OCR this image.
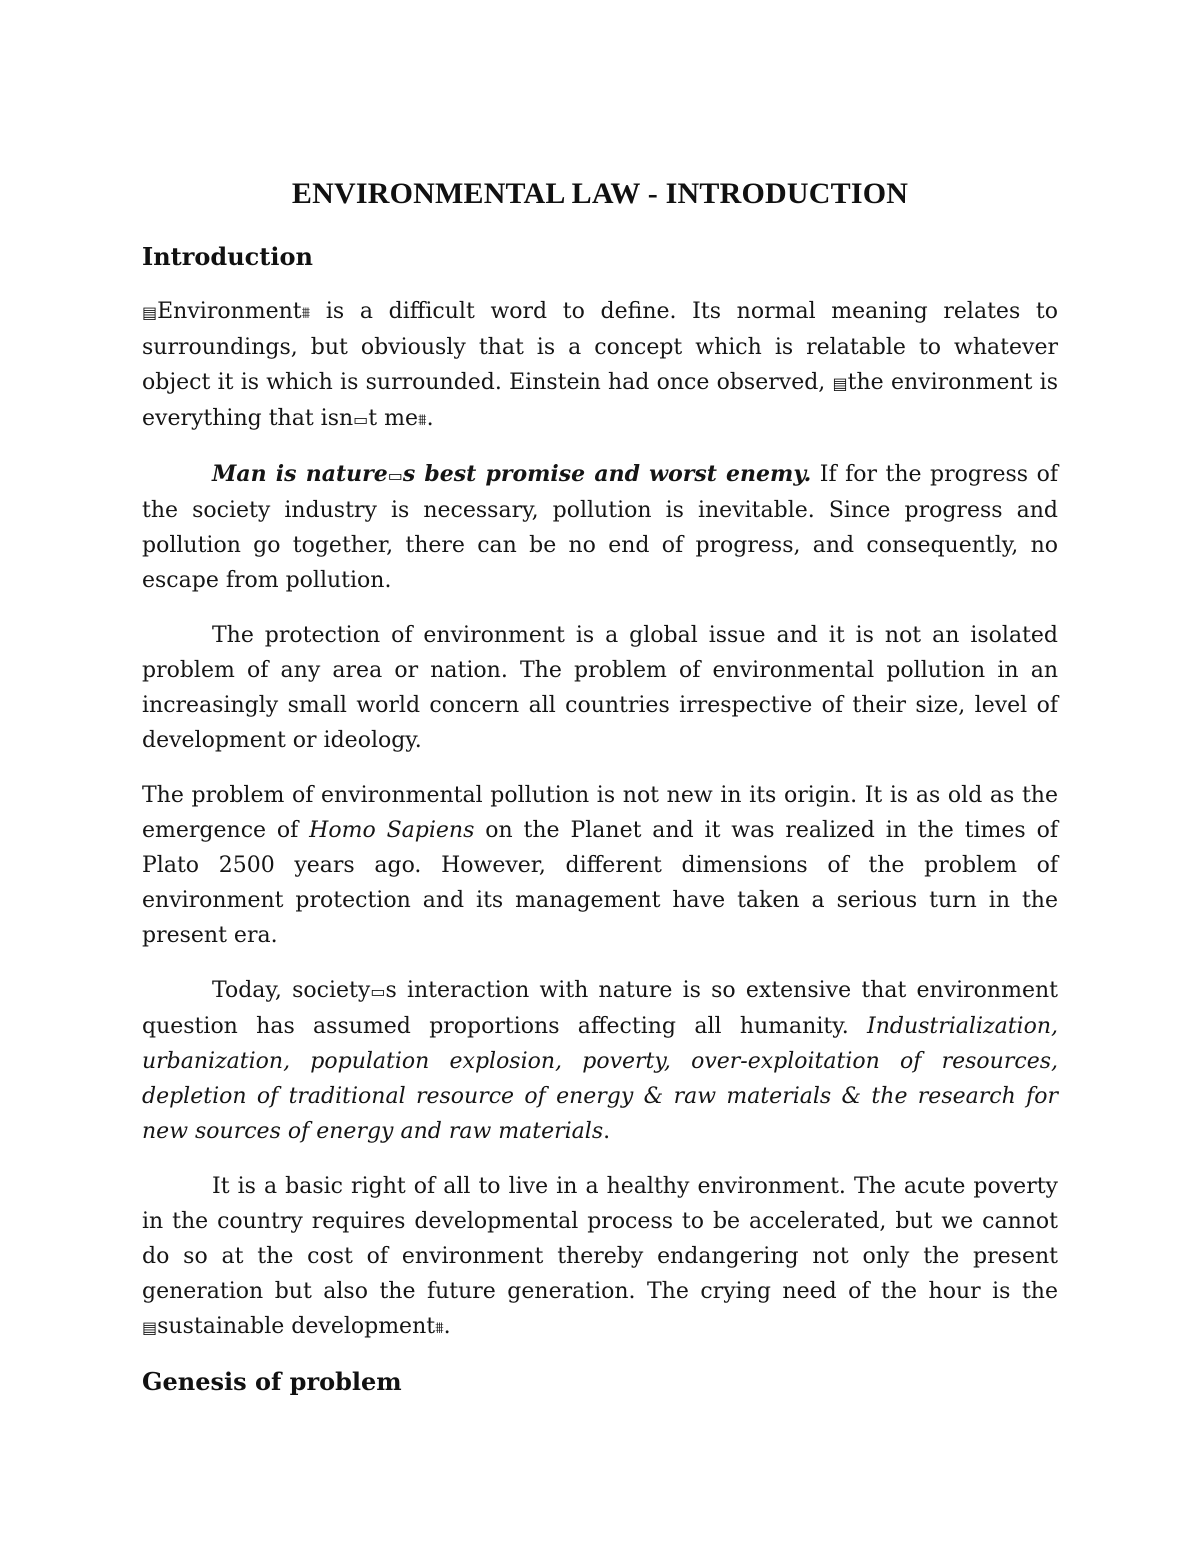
ENVIRONMENTAL LAW - INTRODUCTION
Introduction

▤Environment⩩ is a difficult word to define. Its normal meaning relates to surroundings, but obviously that is a concept which is relatable to whatever object it is which is surrounded. Einstein had once observed, ▤the environment is everything that isn▭t me⩩.

Man is nature▭s best promise and worst enemy. If for the progress of the society industry is necessary, pollution is inevitable. Since progress and pollution go together, there can be no end of progress, and consequently, no escape from pollution.

The protection of environment is a global issue and it is not an isolated problem of any area or nation. The problem of environmental pollution in an increasingly small world concern all countries irrespective of their size, level of development or ideology.

The problem of environmental pollution is not new in its origin. It is as old as the emergence of Homo Sapiens on the Planet and it was realized in the times of Plato 2500 years ago. However, different dimensions of the problem of environment protection and its management have taken a serious turn in the present era.

Today, society▭s interaction with nature is so extensive that environment question has assumed proportions affecting all humanity. Industrialization, urbanization, population explosion, poverty, over-exploitation of resources, depletion of traditional resource of energy & raw materials & the research for new sources of energy and raw materials.

It is a basic right of all to live in a healthy environment. The acute poverty in the country requires developmental process to be accelerated, but we cannot do so at the cost of environment thereby endangering not only the present generation but also the future generation. The crying need of the hour is the ▤sustainable development⩩.

Genesis of problem
